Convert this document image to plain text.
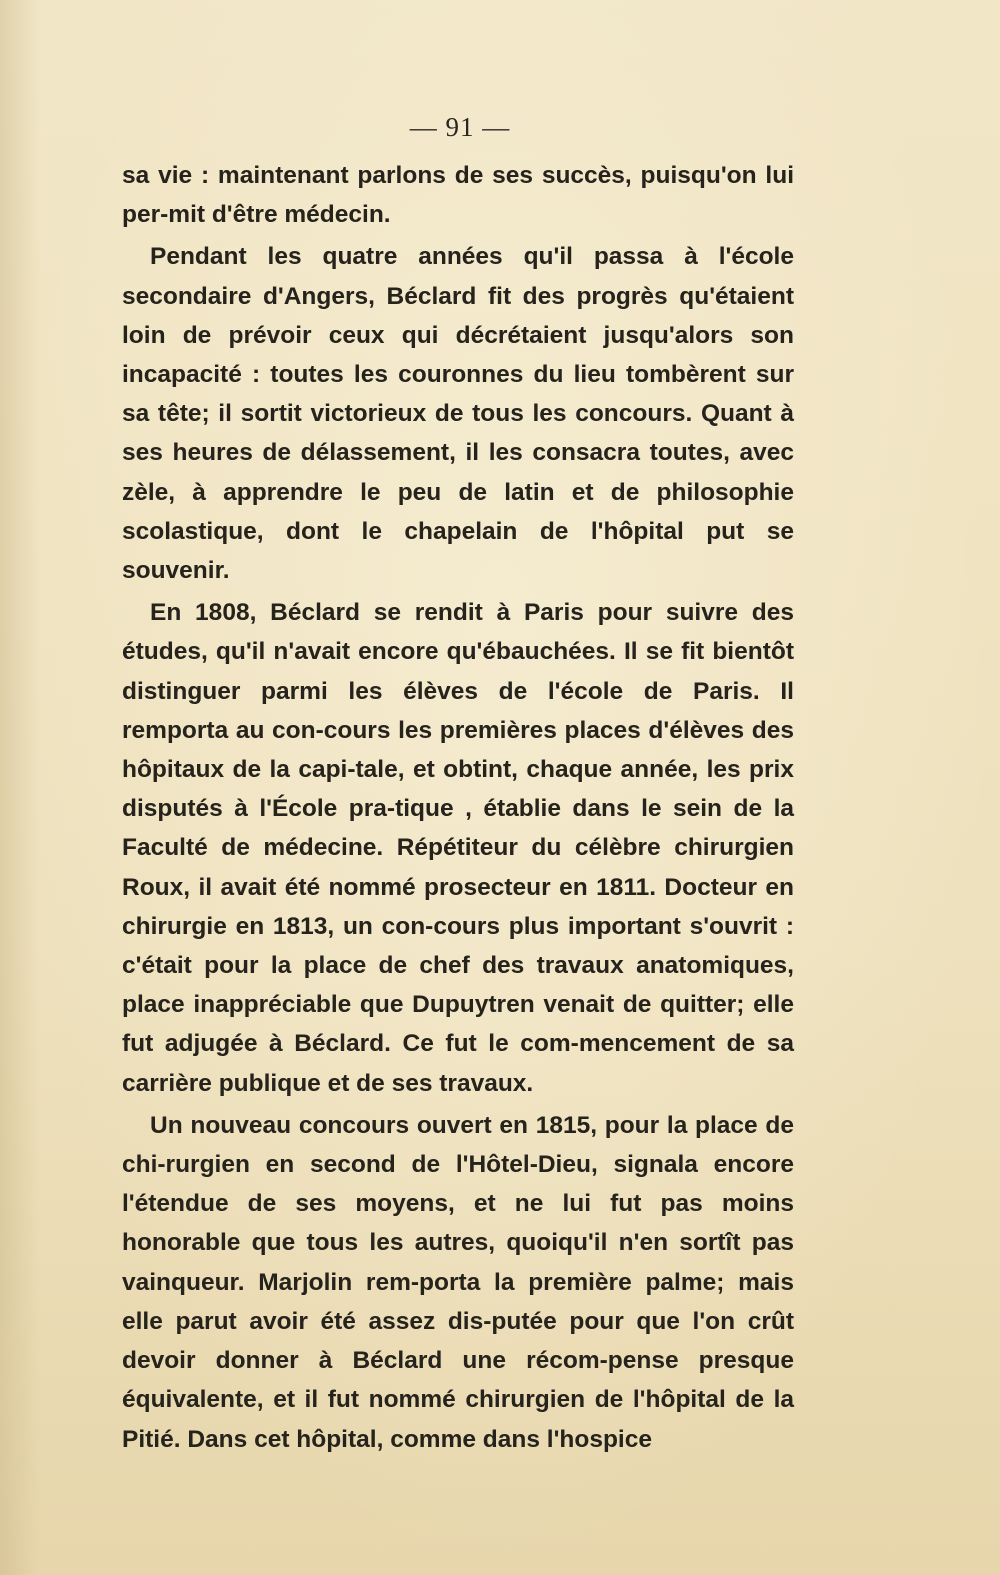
— 91 —

sa vie : maintenant parlons de ses succès, puisqu'on lui per-mit d'être médecin.

Pendant les quatre années qu'il passa à l'école secondaire d'Angers, Béclard fit des progrès qu'étaient loin de prévoir ceux qui décrétaient jusqu'alors son incapacité : toutes les couronnes du lieu tombèrent sur sa tête; il sortit victorieux de tous les concours. Quant à ses heures de délassement, il les consacra toutes, avec zèle, à apprendre le peu de latin et de philosophie scolastique, dont le chapelain de l'hôpital put se souvenir.

En 1808, Béclard se rendit à Paris pour suivre des études, qu'il n'avait encore qu'ébauchées. Il se fit bientôt distinguer parmi les élèves de l'école de Paris. Il remporta au con-cours les premières places d'élèves des hôpitaux de la capi-tale, et obtint, chaque année, les prix disputés à l'École pra-tique , établie dans le sein de la Faculté de médecine. Répétiteur du célèbre chirurgien Roux, il avait été nommé prosecteur en 1811. Docteur en chirurgie en 1813, un con-cours plus important s'ouvrit : c'était pour la place de chef des travaux anatomiques, place inappréciable que Dupuytren venait de quitter; elle fut adjugée à Béclard. Ce fut le com-mencement de sa carrière publique et de ses travaux.

Un nouveau concours ouvert en 1815, pour la place de chi-rurgien en second de l'Hôtel-Dieu, signala encore l'étendue de ses moyens, et ne lui fut pas moins honorable que tous les autres, quoiqu'il n'en sortît pas vainqueur. Marjolin rem-porta la première palme; mais elle parut avoir été assez dis-putée pour que l'on crût devoir donner à Béclard une récom-pense presque équivalente, et il fut nommé chirurgien de l'hôpital de la Pitié. Dans cet hôpital, comme dans l'hospice
